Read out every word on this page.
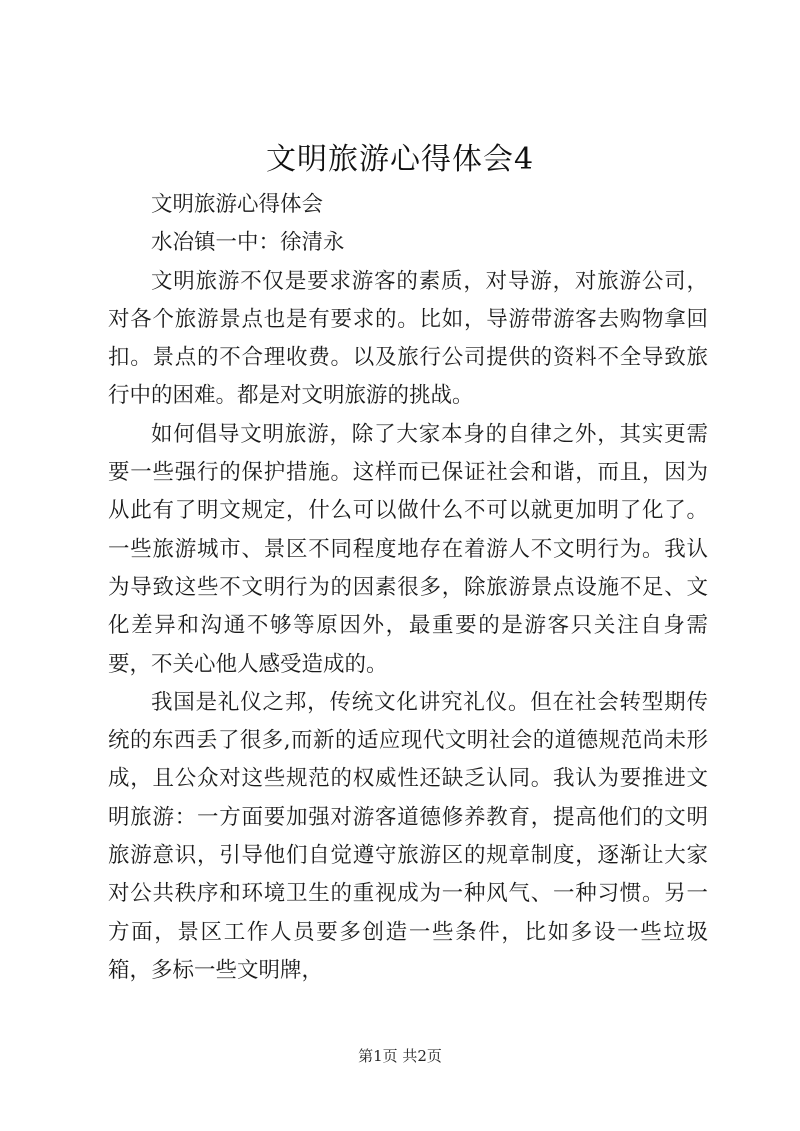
文明旅游心得体会4

文明旅游心得体会

水冶镇一中：徐清永

文明旅游不仅是要求游客的素质，对导游，对旅游公司，对各个旅游景点也是有要求的。比如，导游带游客去购物拿回扣。景点的不合理收费。以及旅行公司提供的资料不全导致旅行中的困难。都是对文明旅游的挑战。

如何倡导文明旅游，除了大家本身的自律之外，其实更需要一些强行的保护措施。这样而已保证社会和谐，而且，因为从此有了明文规定，什么可以做什么不可以就更加明了化了。一些旅游城市、景区不同程度地存在着游人不文明行为。我认为导致这些不文明行为的因素很多，除旅游景点设施不足、文化差异和沟通不够等原因外，最重要的是游客只关注自身需要，不关心他人感受造成的。

我国是礼仪之邦，传统文化讲究礼仪。但在社会转型期传统的东西丢了很多,而新的适应现代文明社会的道德规范尚未形成，且公众对这些规范的权威性还缺乏认同。我认为要推进文明旅游：一方面要加强对游客道德修养教育，提高他们的文明旅游意识，引导他们自觉遵守旅游区的规章制度，逐渐让大家对公共秩序和环境卫生的重视成为一种风气、一种习惯。另一方面，景区工作人员要多创造一些条件，比如多设一些垃圾箱，多标一些文明牌，

第1页 共2页
